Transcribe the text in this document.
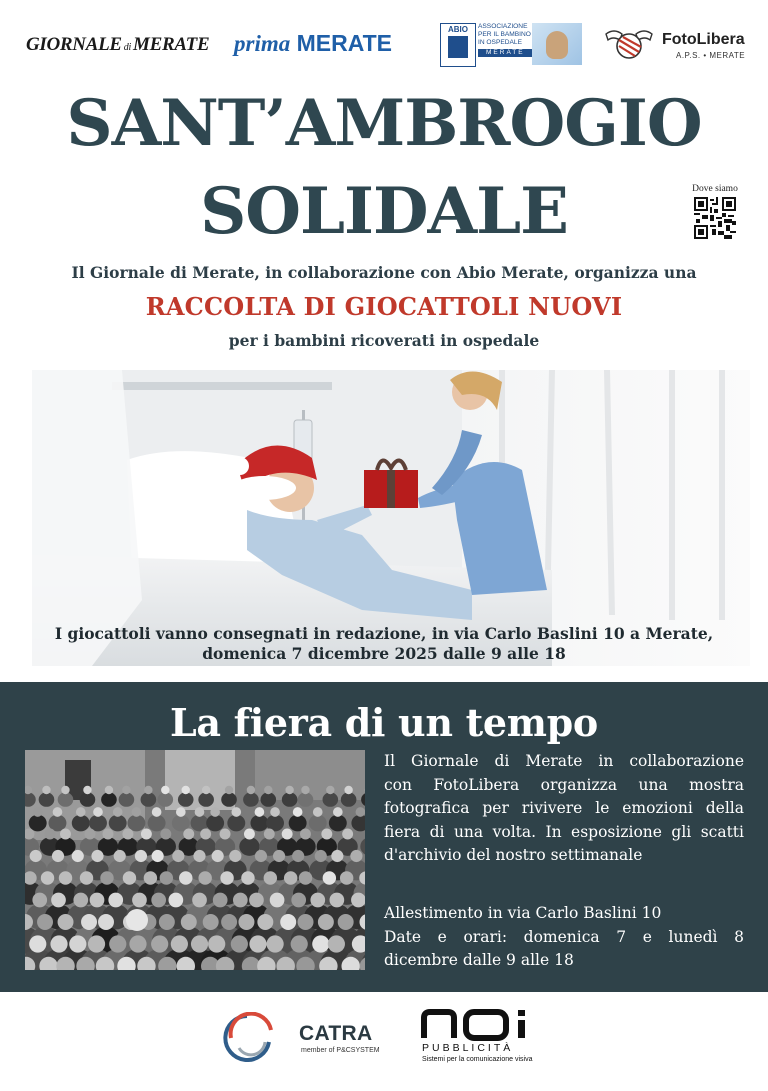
GIORNALE di MERATE prima MERATE
ABIO	ASSOCIAZIONE
PER IL BAMBINO
IN OSPEDALE
MERATE
FotoLibera
A.P.S. • MERATE
SANT’AMBROGIO
SOLIDALE	Dove siamo
Il Giornale di Merate, in collaborazione con Abio Merate, organizza una
RACCOLTA DI GIOCATTOLI NUOVI
per i bambini ricoverati in ospedale
I giocattoli vanno consegnati in redazione, in via Carlo Baslini 10 a Merate,
domenica 7 dicembre 2025 dalle 9 alle 18
La fiera di un tempo
Il Giornale di Merate in collaborazione
con FotoLibera organizza una mostra
fotografica per rivivere le emozioni della
fiera di una volta. In esposizione gli scatti
d'archivio del nostro settimanale
Allestimento in via Carlo Baslini 10
Date e orari: domenica 7 e lunedì 8
dicembre dalle 9 alle 18
CATRA
member of P&CSYSTEM	PUBBLICITÀ
Sistemi per la comunicazione visiva
